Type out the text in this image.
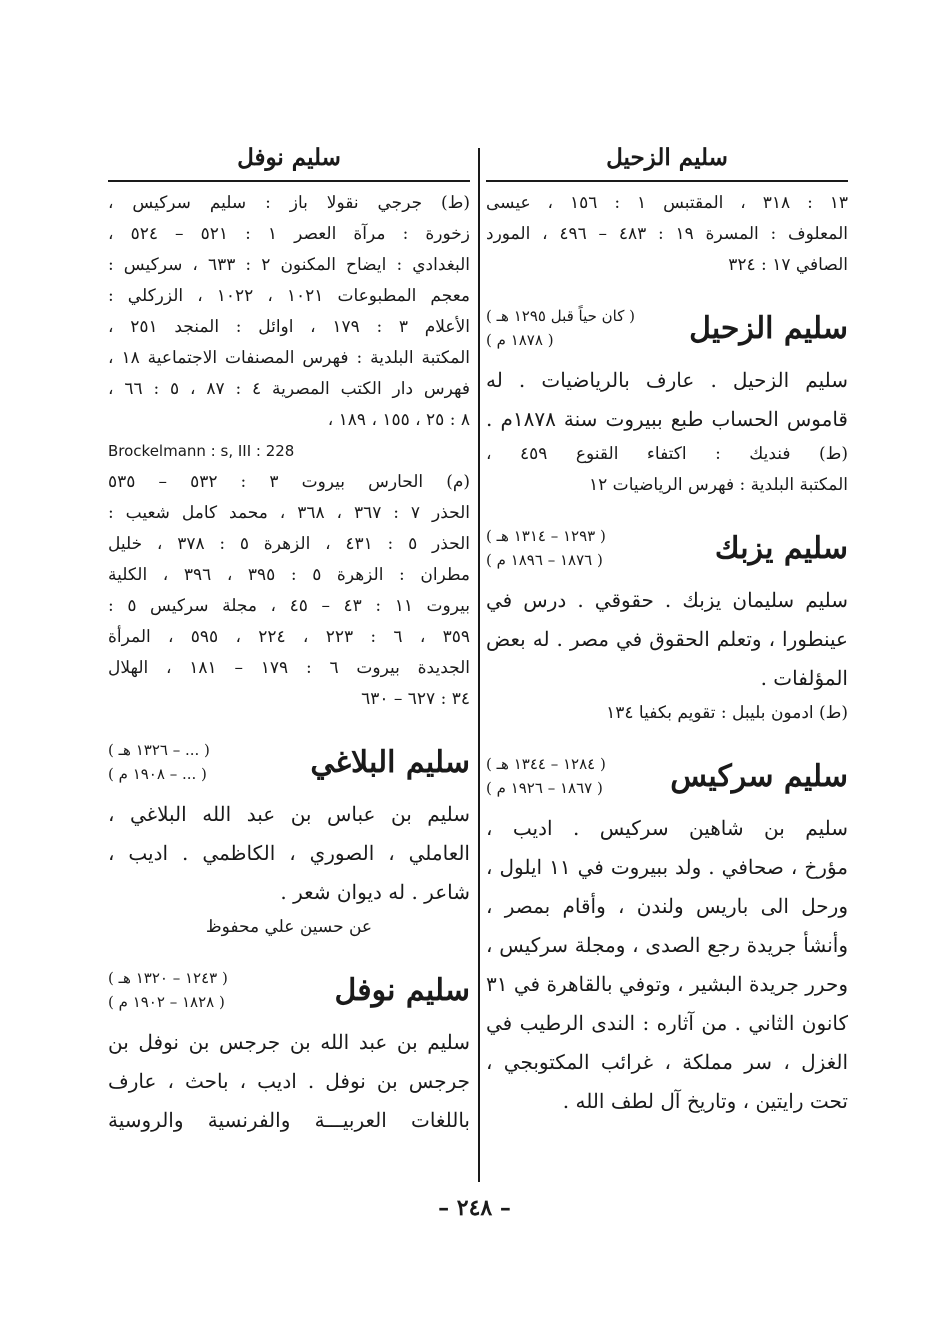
سليم الزحيل
١٣ : ٣١٨ ، المقتبس ١ : ١٥٦ ، عيسى
المعلوف : المسرة ١٩ : ٤٨٣ – ٤٩٦ ، المورد
الصافي ١٧ : ٣٢٤
سليم الزحيل
( كان حياً قبل ١٢٩٥ هـ )
( ١٨٧٨ م )
سليم الزحيل . عارف بالرياضيات . له
قاموس الحساب طبع ببيروت سنة ١٨٧٨م .
(ط) فنديك : اكتفاء القنوع ٤٥٩ ،
المكتبة البلدية : فهرس الرياضيات ١٢
سليم يزبك
( ١٢٩٣ – ١٣١٤ هـ )
( ١٨٧٦ – ١٨٩٦ م )
سليم سليمان يزبك . حقوقي . درس في
عينطورا ، وتعلم الحقوق في مصر . له بعض
المؤلفات .
(ط) ادمون بليبل : تقويم بكفيا ١٣٤
سليم سركيس
( ١٢٨٤ – ١٣٤٤ هـ )
( ١٨٦٧ – ١٩٢٦ م )
سليم بن شاهين سركيس . اديب ،
مؤرخ ، صحافي . ولد ببيروت في ١١ ايلول ،
ورحل الى باريس ولندن ، وأقام بمصر ،
وأنشأ جريدة رجع الصدى ، ومجلة سركيس ،
وحرر جريدة البشير ، وتوفي بالقاهرة في ٣١
كانون الثاني . من آثاره : الندى الرطيب في
الغزل ، سر مملكة ، غرائب المكتوبجي ،
تحت رايتين ، وتاريخ آل لطف الله .
سليم نوفل
(ط) جرجي نقولا باز : سليم سركيس ،
زخورة : مرآة العصر ١ : ٥٢١ – ٥٢٤ ،
البغدادي : ايضاح المكنون ٢ : ٦٣٣ ، سركيس :
معجم المطبوعات ١٠٢١ ، ١٠٢٢ ، الزركلي :
الأعلام ٣ : ١٧٩ ، اوائل : المنجد ٢٥١ ،
المكتبة البلدية : فهرس المصنفات الاجتماعية ١٨ ،
فهرس دار الكتب المصرية ٤ : ٨٧ ، ٥ : ٦٦ ،
٨ : ٢٥ ، ١٥٥ ، ١٨٩ ،
Brockelmann : s, III : 228
(م) الحارس بيروت ٣ : ٥٣٢ – ٥٣٥
الحذر ٧ : ٣٦٧ ، ٣٦٨ ، محمد كامل شعيب :
الحذر ٥ : ٤٣١ ، الزهرة ٥ : ٣٧٨ ، خليل
مطران : الزهرة ٥ : ٣٩٥ ، ٣٩٦ ، الكلية
بيروت ١١ : ٤٣ – ٤٥ ، مجلة سركيس ٥ :
٣٥٩ ، ٦ : ٢٢٣ ، ٢٢٤ ، ٥٩٥ ، المرأة
الجديدة بيروت ٦ : ١٧٩ – ١٨١ ، الهلال
٣٤ : ٦٢٧ – ٦٣٠
سليم البلاغي
( ... – ١٣٢٦ هـ )
( ... – ١٩٠٨ م )
سليم بن عباس بن عبد الله البلاغي ،
العاملي ، الصوري ، الكاظمي . اديب ،
شاعر . له ديوان شعر .
عن حسين علي محفوظ
سليم نوفل
( ١٢٤٣ – ١٣٢٠ هـ )
( ١٨٢٨ – ١٩٠٢ م )
سليم بن عبد الله بن جرجس بن نوفل بن
جرجس بن نوفل . اديب ، باحث ، عارف
باللغات العربيـــة والفرنسية والروسية
– ٢٤٨ –
